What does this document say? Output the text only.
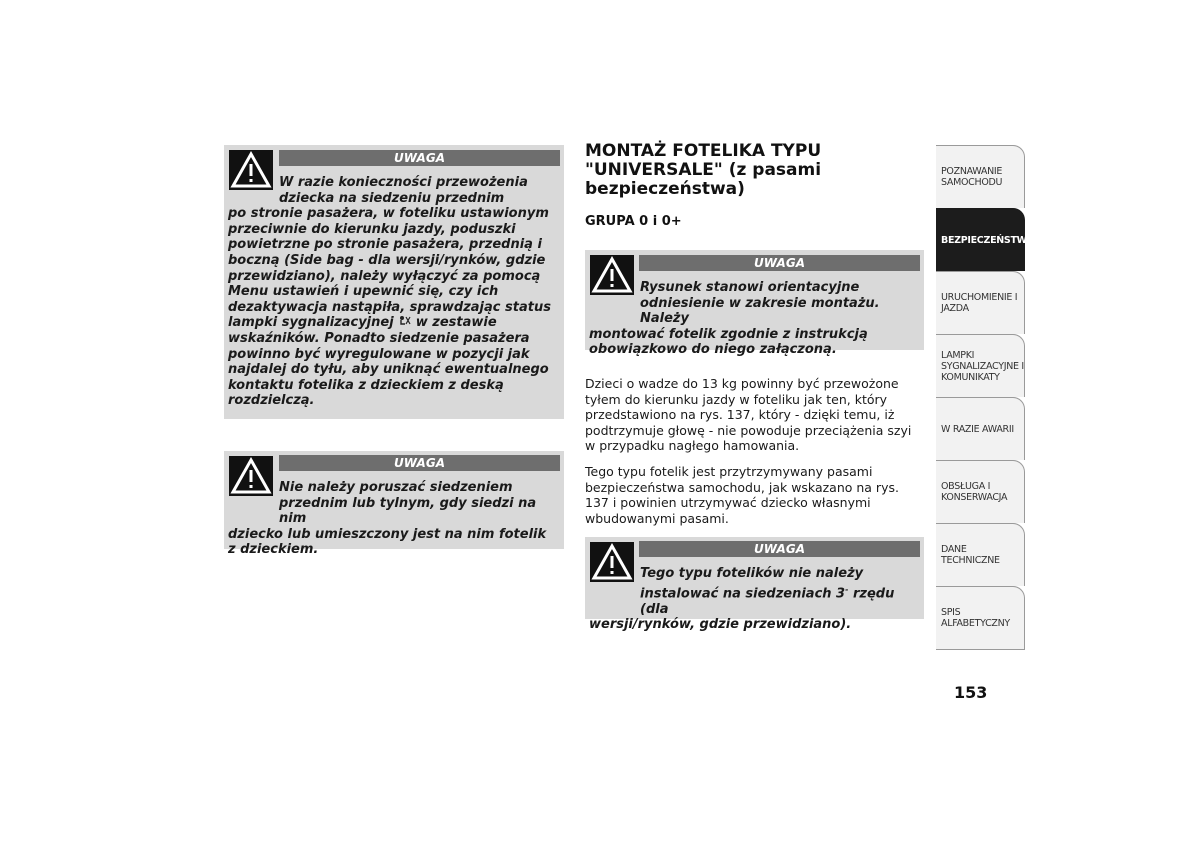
UWAGA
W razie konieczności przewożenia dziecka na siedzeniu przednim
po stronie pasażera, w foteliku ustawionym przeciwnie do kierunku jazdy, poduszki powietrzne po stronie pasażera, przednią i boczną (Side bag - dla wersji/rynków, gdzie przewidziano), należy wyłączyć za pomocą Menu ustawień i upewnić się, czy ich dezaktywacja nastąpiła, sprawdzając status lampki sygnalizacyjnej w zestawie wskaźników. Ponadto siedzenie pasażera powinno być wyregulowane w pozycji jak najdalej do tyłu, aby uniknąć ewentualnego kontaktu fotelika z dzieckiem z deską rozdzielczą.
UWAGA
Nie należy poruszać siedzeniem przednim lub tylnym, gdy siedzi na nim
dziecko lub umieszczony jest na nim fotelik z dzieckiem.
MONTAŻ FOTELIKA TYPU "UNIVERSALE" (z pasami bezpieczeństwa)
GRUPA 0 i 0+
UWAGA
Rysunek stanowi orientacyjne odniesienie w zakresie montażu. Należy
montować fotelik zgodnie z instrukcją obowiązkowo do niego załączoną.
Dzieci o wadze do 13 kg powinny być przewożone tyłem do kierunku jazdy w foteliku jak ten, który przedstawiono na rys. 137, który - dzięki temu, iż podtrzymuje głowę - nie powoduje przeciążenia szyi w przypadku nagłego hamowania.
Tego typu fotelik jest przytrzymywany pasami bezpieczeństwa samochodu, jak wskazano na rys. 137 i powinien utrzymywać dziecko własnymi wbudowanymi pasami.
UWAGA
Tego typu fotelików nie należy instalować na siedzeniach 3- rzędu (dla
wersji/rynków, gdzie przewidziano).
POZNAWANIE SAMOCHODU
BEZPIECZEŃSTWO
URUCHOMIENIE I JAZDA
LAMPKI SYGNALIZACYJNE I KOMUNIKATY
W RAZIE AWARII
OBSŁUGA I KONSERWACJA
DANE TECHNICZNE
SPIS ALFABETYCZNY
153
